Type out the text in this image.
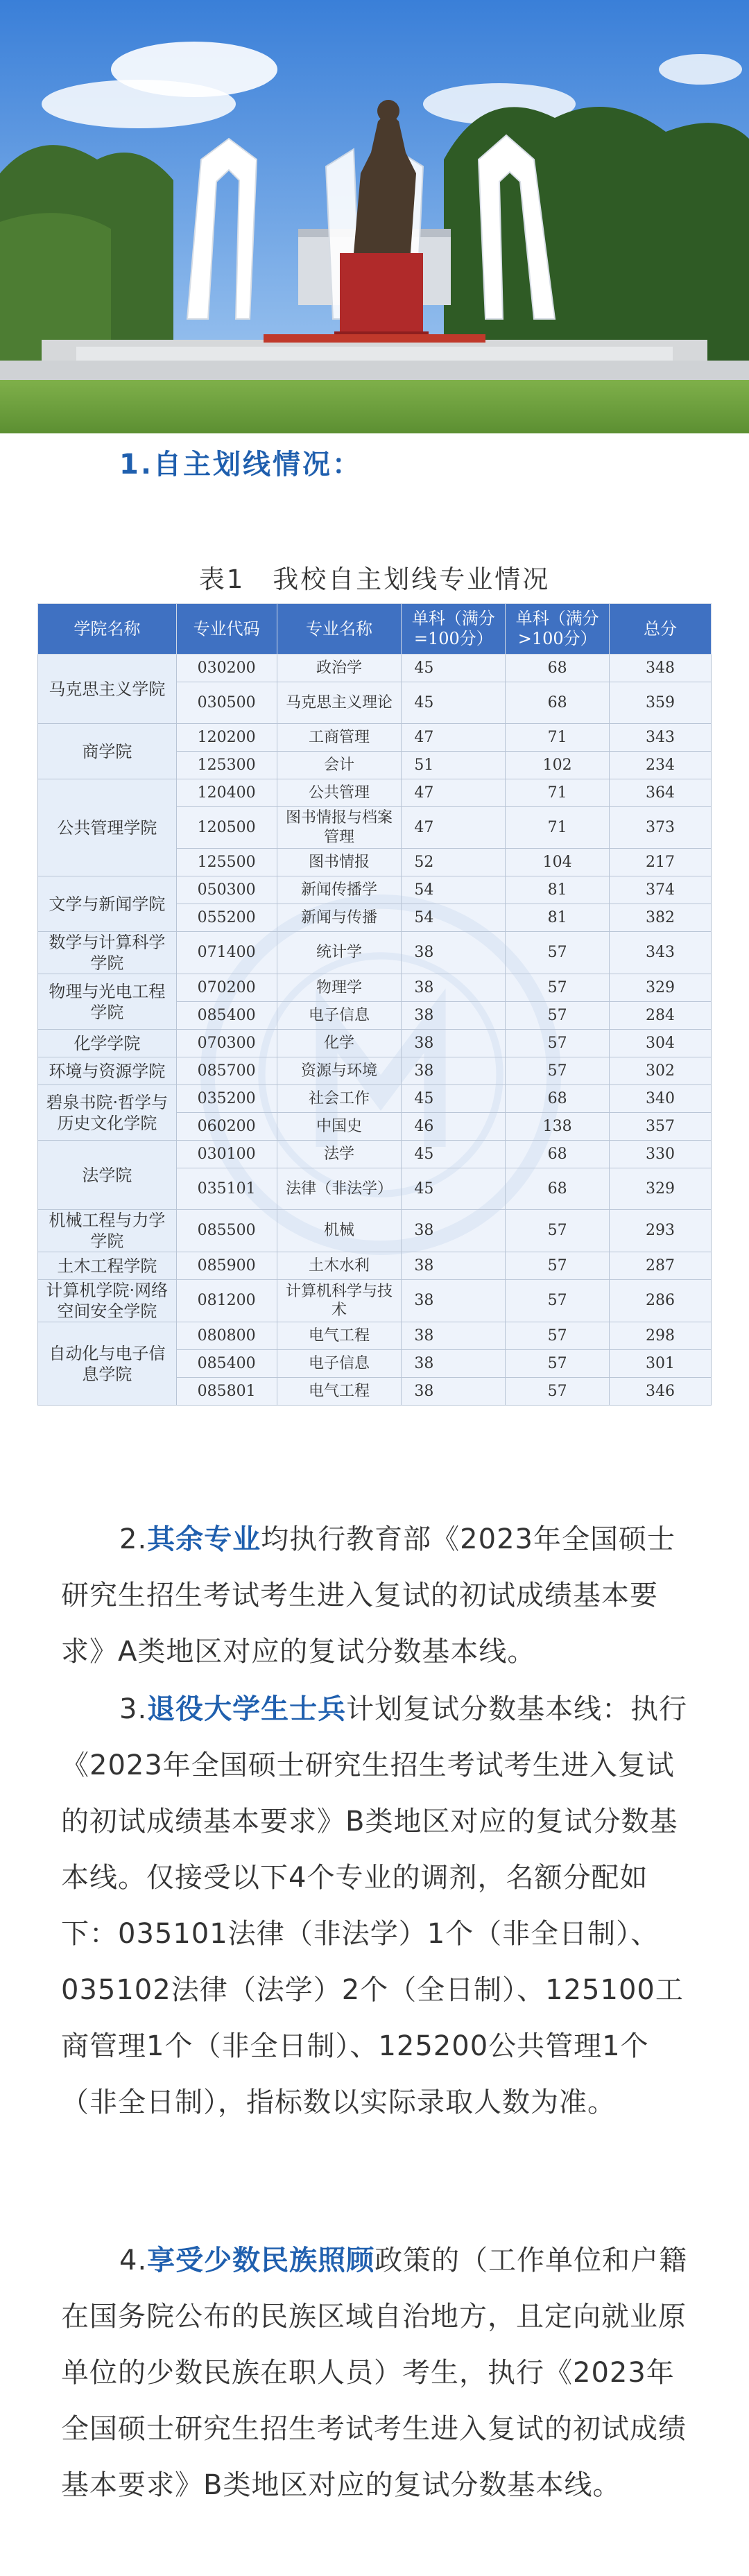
1.自主划线情况：
表1　我校自主划线专业情况
学院名称	专业代码	专业名称	单科（满分=100分）	单科（满分>100分）	总分
马克思主义学院	030200	政治学	45	68	348
	030500	马克思主义理论	45	68	359
商学院	120200	工商管理	47	71	343
	125300	会计	51	102	234
公共管理学院	120400	公共管理	47	71	364
	120500	图书情报与档案管理	47	71	373
	125500	图书情报	52	104	217
文学与新闻学院	050300	新闻传播学	54	81	374
	055200	新闻与传播	54	81	382
数学与计算科学学院	071400	统计学	38	57	343
物理与光电工程学院	070200	物理学	38	57	329
	085400	电子信息	38	57	284
化学学院	070300	化学	38	57	304
环境与资源学院	085700	资源与环境	38	57	302
碧泉书院·哲学与历史文化学院	035200	社会工作	45	68	340
	060200	中国史	46	138	357
法学院	030100	法学	45	68	330
	035101	法律（非法学）	45	68	329
机械工程与力学学院	085500	机械	38	57	293
土木工程学院	085900	土木水利	38	57	287
计算机学院·网络空间安全学院	081200	计算机科学与技术	38	57	286
自动化与电子信息学院	080800	电气工程	38	57	298
	085400	电子信息	38	57	301
	085801	电气工程	38	57	346

2.其余专业均执行教育部《2023年全国硕士研究生招生考试考生进入复试的初试成绩基本要求》A类地区对应的复试分数基本线。

3.退役大学生士兵计划复试分数基本线：执行《2023年全国硕士研究生招生考试考生进入复试的初试成绩基本要求》B类地区对应的复试分数基本线。仅接受以下4个专业的调剂，名额分配如下：035101法律（非法学）1个（非全日制）、035102法律（法学）2个（全日制）、125100工商管理1个（非全日制）、125200公共管理1个（非全日制），指标数以实际录取人数为准。

4.享受少数民族照顾政策的（工作单位和户籍在国务院公布的民族区域自治地方，且定向就业原单位的少数民族在职人员）考生，执行《2023年全国硕士研究生招生考试考生进入复试的初试成绩基本要求》B类地区对应的复试分数基本线。
